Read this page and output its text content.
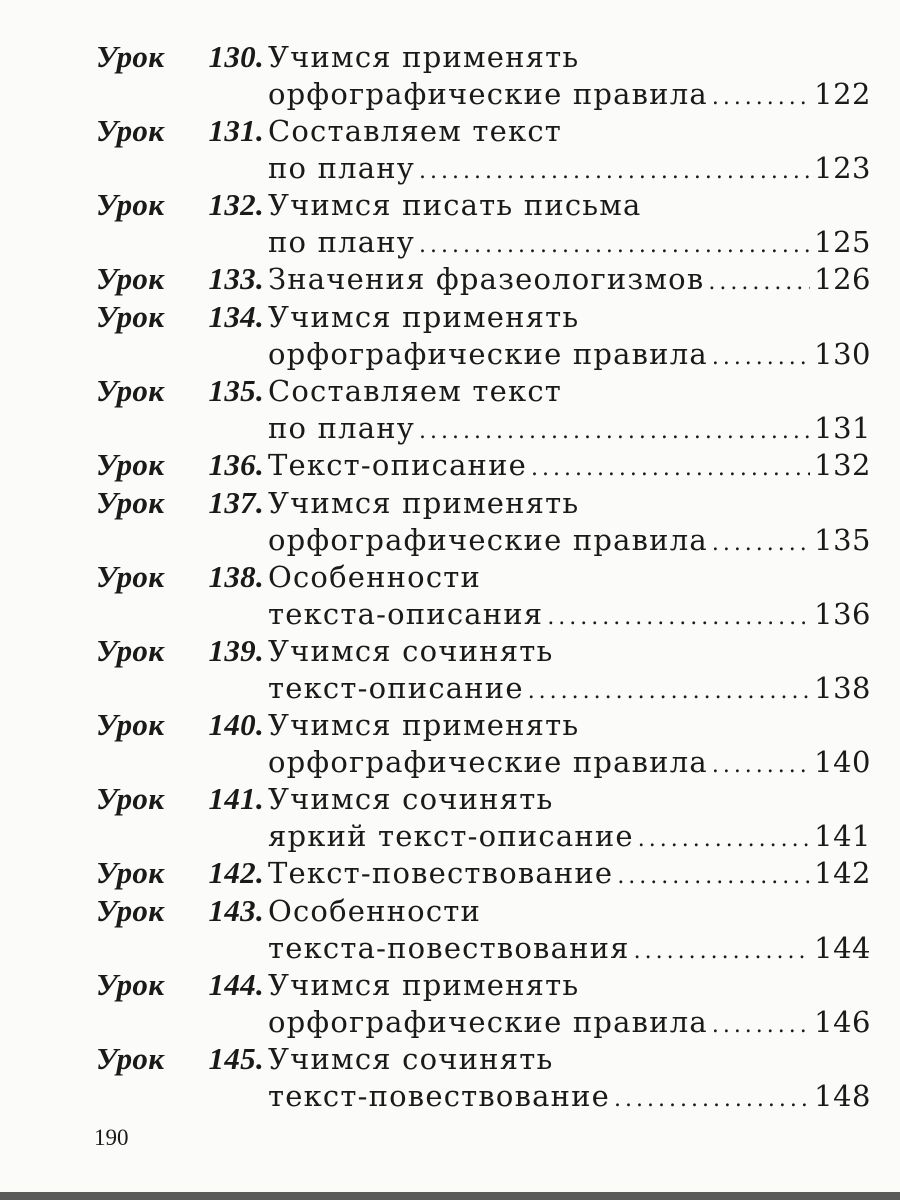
Урок 130. Учимся применять
орфографические правила .....	122
Урок 131. Составляем текст
по плану .....	123
Урок 132. Учимся писать письма
по плану .....	125
Урок 133. Значения фразеологизмов .....	126
Урок 134. Учимся применять
орфографические правила .....	130
Урок 135. Составляем текст
по плану .....	131
Урок 136. Текст-описание .....	132
Урок 137. Учимся применять
орфографические правила .....	135
Урок 138. Особенности
текста-описания .....	136
Урок 139. Учимся сочинять
текст-описание .....	138
Урок 140. Учимся применять
орфографические правила .....	140
Урок 141. Учимся сочинять
яркий текст-описание .....	141
Урок 142. Текст-повествование .....	142
Урок 143. Особенности
текста-повествования .....	144
Урок 144. Учимся применять
орфографические правила .....	146
Урок 145. Учимся сочинять
текст-повествование .....	148
190
